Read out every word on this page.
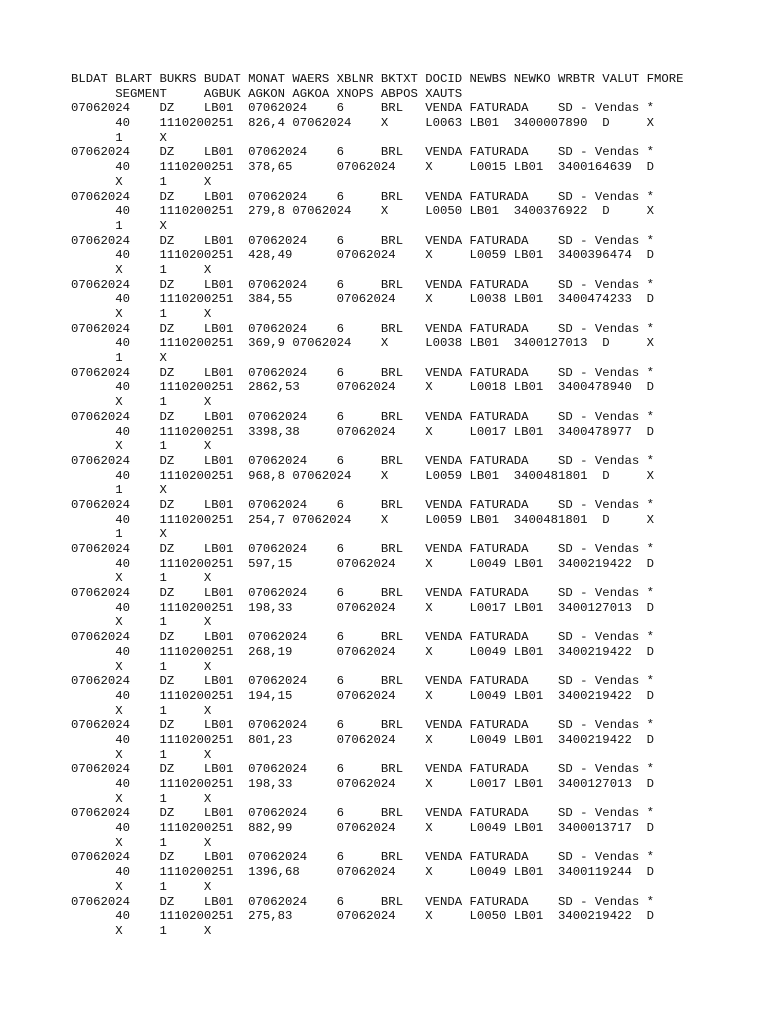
BLDAT BLART BUKRS BUDAT MONAT WAERS XBLNR BKTXT DOCID NEWBS NEWKO WRBTR VALUT FMORE
SEGMENT     AGBUK AGKON AGKOA XNOPS ABPOS XAUTS
07062024    DZ    LB01  07062024    6     BRL   VENDA FATURADA    SD - Vendas *
40    1110200251  826,4 07062024    X     L0063 LB01  3400007890  D     X
1     X
07062024    DZ    LB01  07062024    6     BRL   VENDA FATURADA    SD - Vendas *
40    1110200251  378,65      07062024    X     L0015 LB01  3400164639  D
X     1     X
07062024    DZ    LB01  07062024    6     BRL   VENDA FATURADA    SD - Vendas *
40    1110200251  279,8 07062024    X     L0050 LB01  3400376922  D     X
1     X
07062024    DZ    LB01  07062024    6     BRL   VENDA FATURADA    SD - Vendas *
40    1110200251  428,49      07062024    X     L0059 LB01  3400396474  D
X     1     X
07062024    DZ    LB01  07062024    6     BRL   VENDA FATURADA    SD - Vendas *
40    1110200251  384,55      07062024    X     L0038 LB01  3400474233  D
X     1     X
07062024    DZ    LB01  07062024    6     BRL   VENDA FATURADA    SD - Vendas *
40    1110200251  369,9 07062024    X     L0038 LB01  3400127013  D     X
1     X
07062024    DZ    LB01  07062024    6     BRL   VENDA FATURADA    SD - Vendas *
40    1110200251  2862,53     07062024    X     L0018 LB01  3400478940  D
X     1     X
07062024    DZ    LB01  07062024    6     BRL   VENDA FATURADA    SD - Vendas *
40    1110200251  3398,38     07062024    X     L0017 LB01  3400478977  D
X     1     X
07062024    DZ    LB01  07062024    6     BRL   VENDA FATURADA    SD - Vendas *
40    1110200251  968,8 07062024    X     L0059 LB01  3400481801  D     X
1     X
07062024    DZ    LB01  07062024    6     BRL   VENDA FATURADA    SD - Vendas *
40    1110200251  254,7 07062024    X     L0059 LB01  3400481801  D     X
1     X
07062024    DZ    LB01  07062024    6     BRL   VENDA FATURADA    SD - Vendas *
40    1110200251  597,15      07062024    X     L0049 LB01  3400219422  D
X     1     X
07062024    DZ    LB01  07062024    6     BRL   VENDA FATURADA    SD - Vendas *
40    1110200251  198,33      07062024    X     L0017 LB01  3400127013  D
X     1     X
07062024    DZ    LB01  07062024    6     BRL   VENDA FATURADA    SD - Vendas *
40    1110200251  268,19      07062024    X     L0049 LB01  3400219422  D
X     1     X
07062024    DZ    LB01  07062024    6     BRL   VENDA FATURADA    SD - Vendas *
40    1110200251  194,15      07062024    X     L0049 LB01  3400219422  D
X     1     X
07062024    DZ    LB01  07062024    6     BRL   VENDA FATURADA    SD - Vendas *
40    1110200251  801,23      07062024    X     L0049 LB01  3400219422  D
X     1     X
07062024    DZ    LB01  07062024    6     BRL   VENDA FATURADA    SD - Vendas *
40    1110200251  198,33      07062024    X     L0017 LB01  3400127013  D
X     1     X
07062024    DZ    LB01  07062024    6     BRL   VENDA FATURADA    SD - Vendas *
40    1110200251  882,99      07062024    X     L0049 LB01  3400013717  D
X     1     X
07062024    DZ    LB01  07062024    6     BRL   VENDA FATURADA    SD - Vendas *
40    1110200251  1396,68     07062024    X     L0049 LB01  3400119244  D
X     1     X
07062024    DZ    LB01  07062024    6     BRL   VENDA FATURADA    SD - Vendas *
40    1110200251  275,83      07062024    X     L0050 LB01  3400219422  D
X     1     X
